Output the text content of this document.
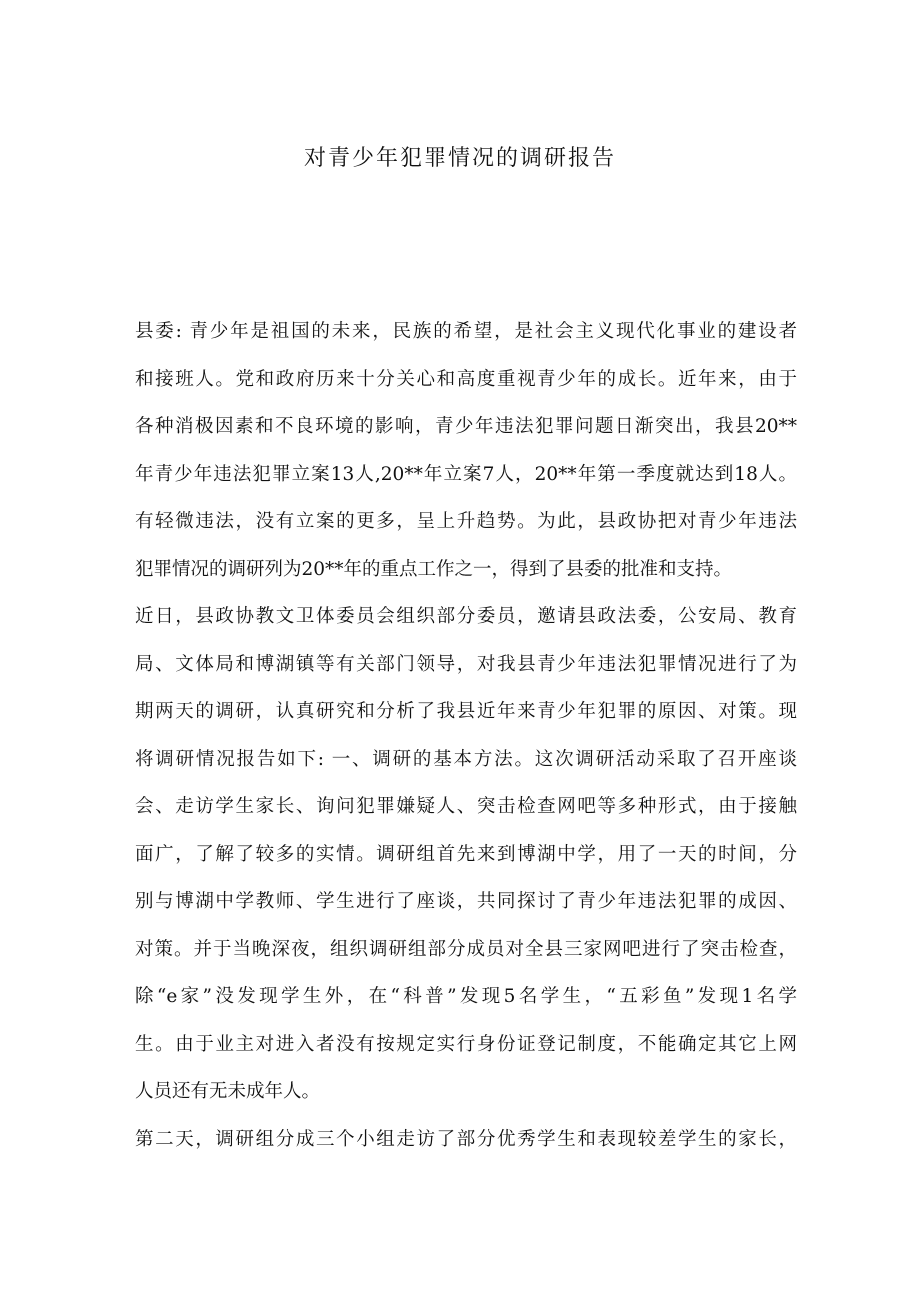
对青少年犯罪情况的调研报告
县委: 青少年是祖国的未来，民族的希望，是社会主义现代化事业的建设者
和接班人。党和政府历来十分关心和高度重视青少年的成长。近年来，由于
各种消极因素和不良环境的影响，青少年违法犯罪问题日渐突出，我县20**
年青少年违法犯罪立案13人,20**年立案7人，20**年第一季度就达到18人。
有轻微违法，没有立案的更多，呈上升趋势。为此，县政协把对青少年违法
犯罪情况的调研列为20**年的重点工作之一，得到了县委的批准和支持。
近日，县政协教文卫体委员会组织部分委员，邀请县政法委，公安局、教育
局、文体局和博湖镇等有关部门领导，对我县青少年违法犯罪情况进行了为
期两天的调研，认真研究和分析了我县近年来青少年犯罪的原因、对策。现
将调研情况报告如下: 一、调研的基本方法。这次调研活动采取了召开座谈
会、走访学生家长、询问犯罪嫌疑人、突击检查网吧等多种形式，由于接触
面广，了解了较多的实情。调研组首先来到博湖中学，用了一天的时间，分
别与博湖中学教师、学生进行了座谈，共同探讨了青少年违法犯罪的成因、
对策。并于当晚深夜，组织调研组部分成员对全县三家网吧进行了突击检查，
除“e家”没发现学生外，在“科普”发现5名学生，“五彩鱼”发现1名学
生。由于业主对进入者没有按规定实行身份证登记制度，不能确定其它上网
人员还有无未成年人。
第二天，调研组分成三个小组走访了部分优秀学生和表现较差学生的家长，
